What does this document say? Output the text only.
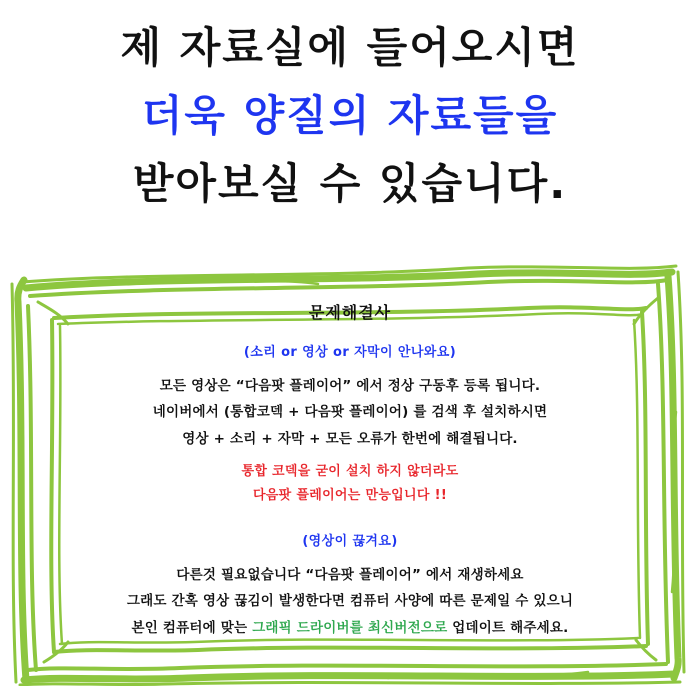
제 자료실에 들어오시면
더욱 양질의 자료들을
받아보실 수 있습니다.
문제해결사
(소리 or 영상 or 자막이 안나와요)
모든 영상은 “다음팟 플레이어” 에서 정상 구동후 등록 됩니다.
네이버에서 (통합코덱 + 다음팟 플레이어) 를 검색 후 설치하시면
영상 + 소리 + 자막 + 모든 오류가 한번에 해결됩니다.
통합 코덱을 굳이 설치 하지 않더라도
다음팟 플레이어는 만능입니다 !!
(영상이 끊겨요)
다른것 필요없습니다 “다음팟 플레이어” 에서 재생하세요
그래도 간혹 영상 끊김이 발생한다면 컴퓨터 사양에 따른 문제일 수 있으니
본인 컴퓨터에 맞는 그래픽 드라이버를 최신버전으로 업데이트 해주세요.
